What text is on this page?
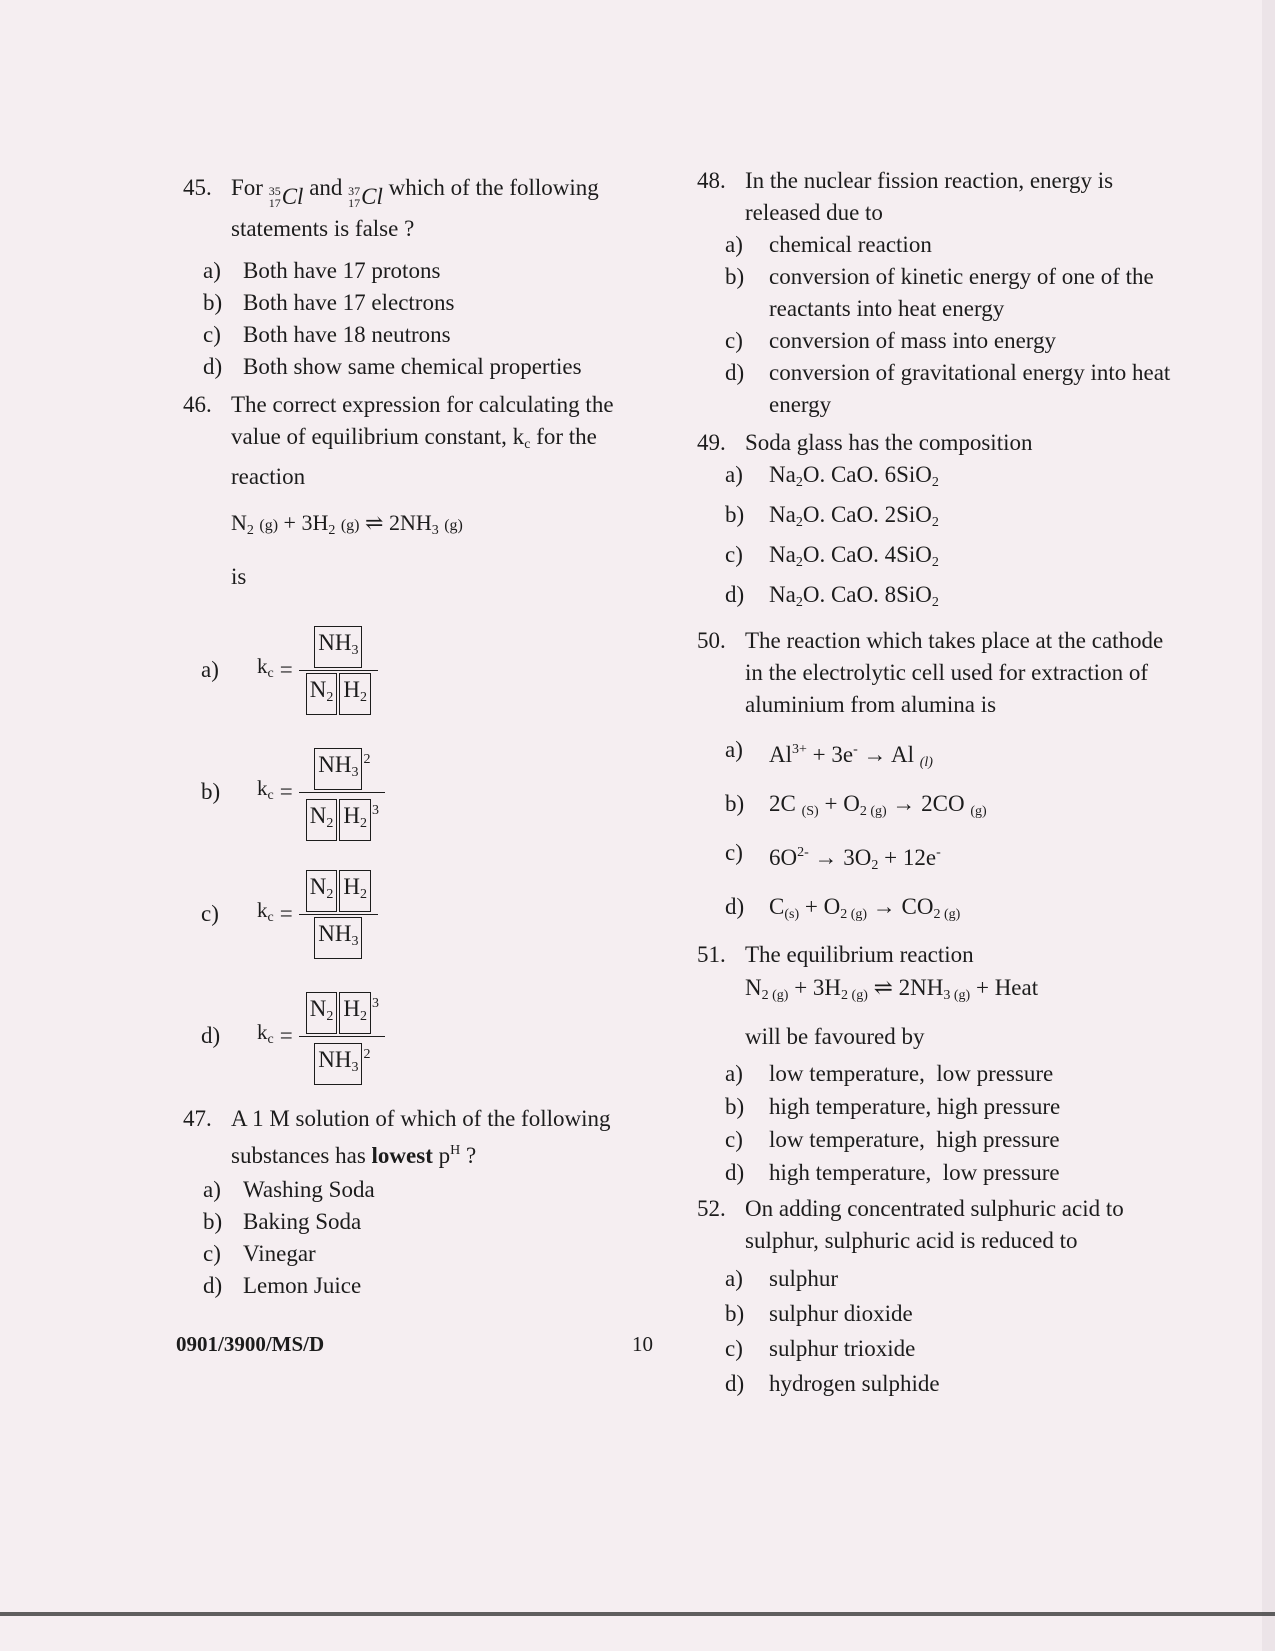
45. For 35
17 Cl and 37
17 Cl which of the following statements is false ?
a) Both have 17 protons
b) Both have 17 electrons
c) Both have 18 neutrons
d) Both show same chemical properties
46. The correct expression for calculating the value of equilibrium constant, $k_c$ for the reaction
$N_2$ $(g) + 3H_2$ (g) ⇌ $2NH_3$ (g)
is
a)	$k_c = \frac{NH_3}{N_2 H_2}$
b)	$k_c = \frac{NH_3^2}{N_2 H_2^3}$
c)	$k_c = \frac{N_2 H_2}{NH_3}$
d)	$k_c = \frac{N_2 H_2^3}{NH_3^2}$
47. A 1 M solution of which of the following substances has lowest $p^H$ ?
a) Washing Soda
b) Baking Soda
c) Vinegar
d) Lemon Juice
48. In the nuclear fission reaction, energy is released due to
a) chemical reaction
b) conversion of kinetic energy of one of the reactants into heat energy
c) conversion of mass into energy
d) conversion of gravitational energy into heat energy
49. Soda glass has the composition
a) $Na_2O$. CaO. 6SiO$_2$
b) $Na_2O$. CaO. 2SiO$_2$
c) $Na_2O$. CaO. 4SiO$_2$
d) $Na_2O$. CaO. 8SiO$_2$
50. The reaction which takes place at the cathode in the electrolytic cell used for extraction of aluminium from alumina is
a) $Al^{3+} + 3e^- \to Al$ $_{(l)}$
b) 2C $_{(S)} + O_{2 (g)} \to 2CO$ $_{(g)}$
c) $6O^{2-} \to 3O_2 + 12e^-$
d) $C_{(s)} + O_{2 (g)} \to CO_{2 (g)}$
51. The equilibrium reaction
$N_{2 (g)} + 3H_{2 (g)}$ ⇌ $2NH_{3 (g)}$ + Heat
will be favoured by
a) low temperature,  low pressure
b) high temperature, high pressure
c) low temperature,  high pressure
d) high temperature,  low pressure
52. On adding concentrated sulphuric acid to sulphur, sulphuric acid is reduced to
a) sulphur
b) sulphur dioxide
c) sulphur trioxide
d) hydrogen sulphide
0901/3900/MS/D	10
